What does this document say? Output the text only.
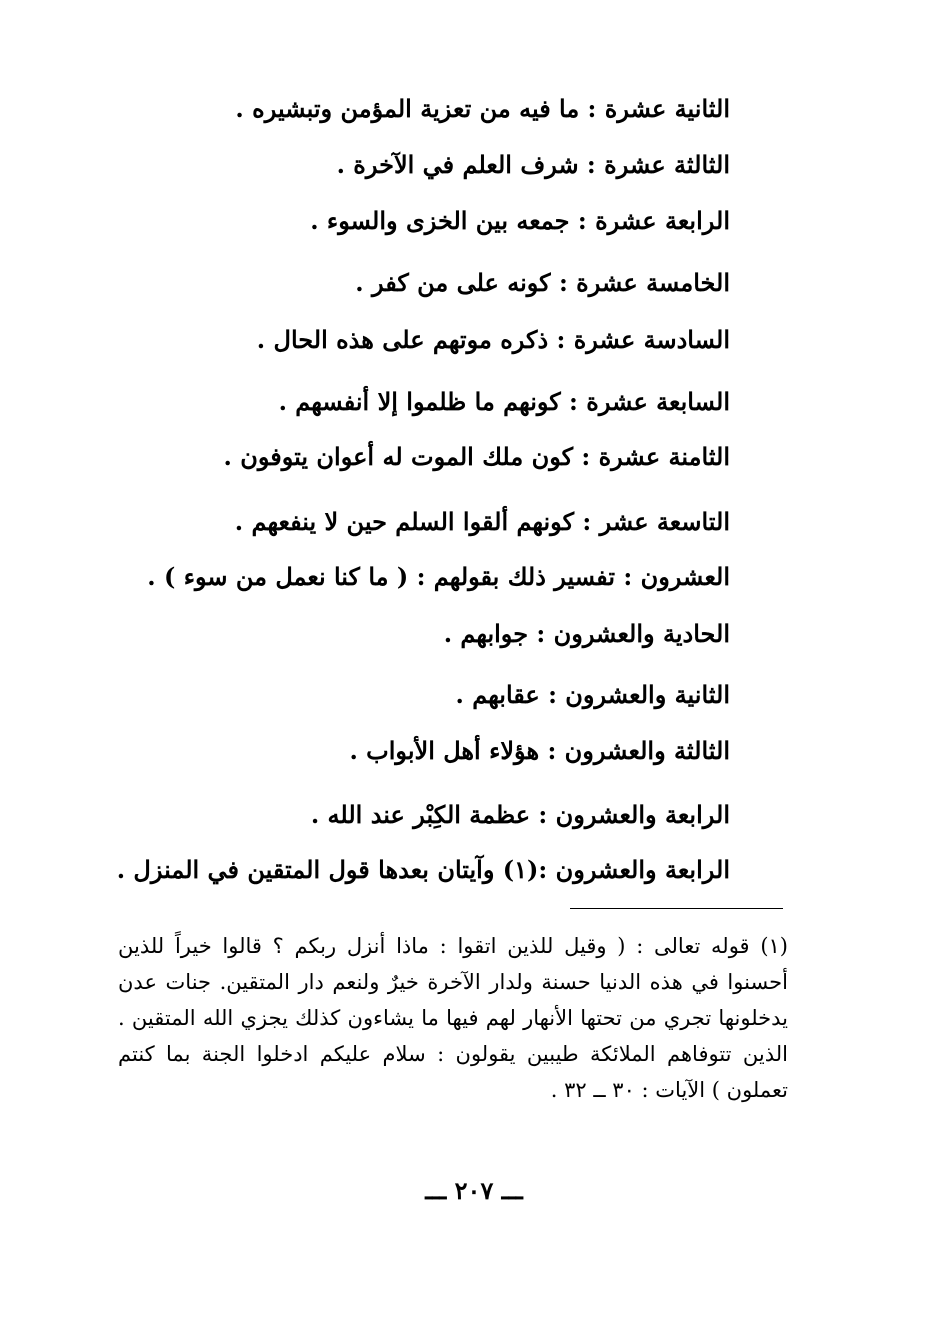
الثانية عشرة : ما فيه من تعزية المؤمن وتبشيره .
الثالثة عشرة : شرف العلم في الآخرة .
الرابعة عشرة : جمعه بين الخزى والسوء .
الخامسة عشرة : كونه على من كفر .
السادسة عشرة : ذكره موتهم على هذه الحال .
السابعة عشرة : كونهم ما ظلموا إلا أنفسهم .
الثامنة عشرة : كون ملك الموت له أعوان يتوفون .
التاسعة عشر : كونهم ألقوا السلم حين لا ينفعهم .
العشرون : تفسير ذلك بقولهم : ( ما كنا نعمل من سوء ) .
الحادية والعشرون : جوابهم .
الثانية والعشرون : عقابهم .
الثالثة والعشرون : هؤلاء أهل الأبواب .
الرابعة والعشرون : عظمة الكِبْر عند الله .
الرابعة والعشرون :(١) وآيتان بعدها قول المتقين في المنزل .
(١) قوله تعالى : ( وقيل للذين اتقوا : ماذا أنزل ربكم ؟ قالوا خيراً للذين أحسنوا في هذه الدنيا حسنة ولدار الآخرة خيرٌ ولنعم دار المتقين. جنات عدن يدخلونها تجري من تحتها الأنهار لهم فيها ما يشاءون كذلك يجزي الله المتقين . الذين تتوفاهم الملائكة طيبين يقولون : سلام عليكم ادخلوا الجنة بما كنتم تعملون ) الآيات : ٣٠ ــ ٣٢ .
ـــ ٢٠٧ ـــ
